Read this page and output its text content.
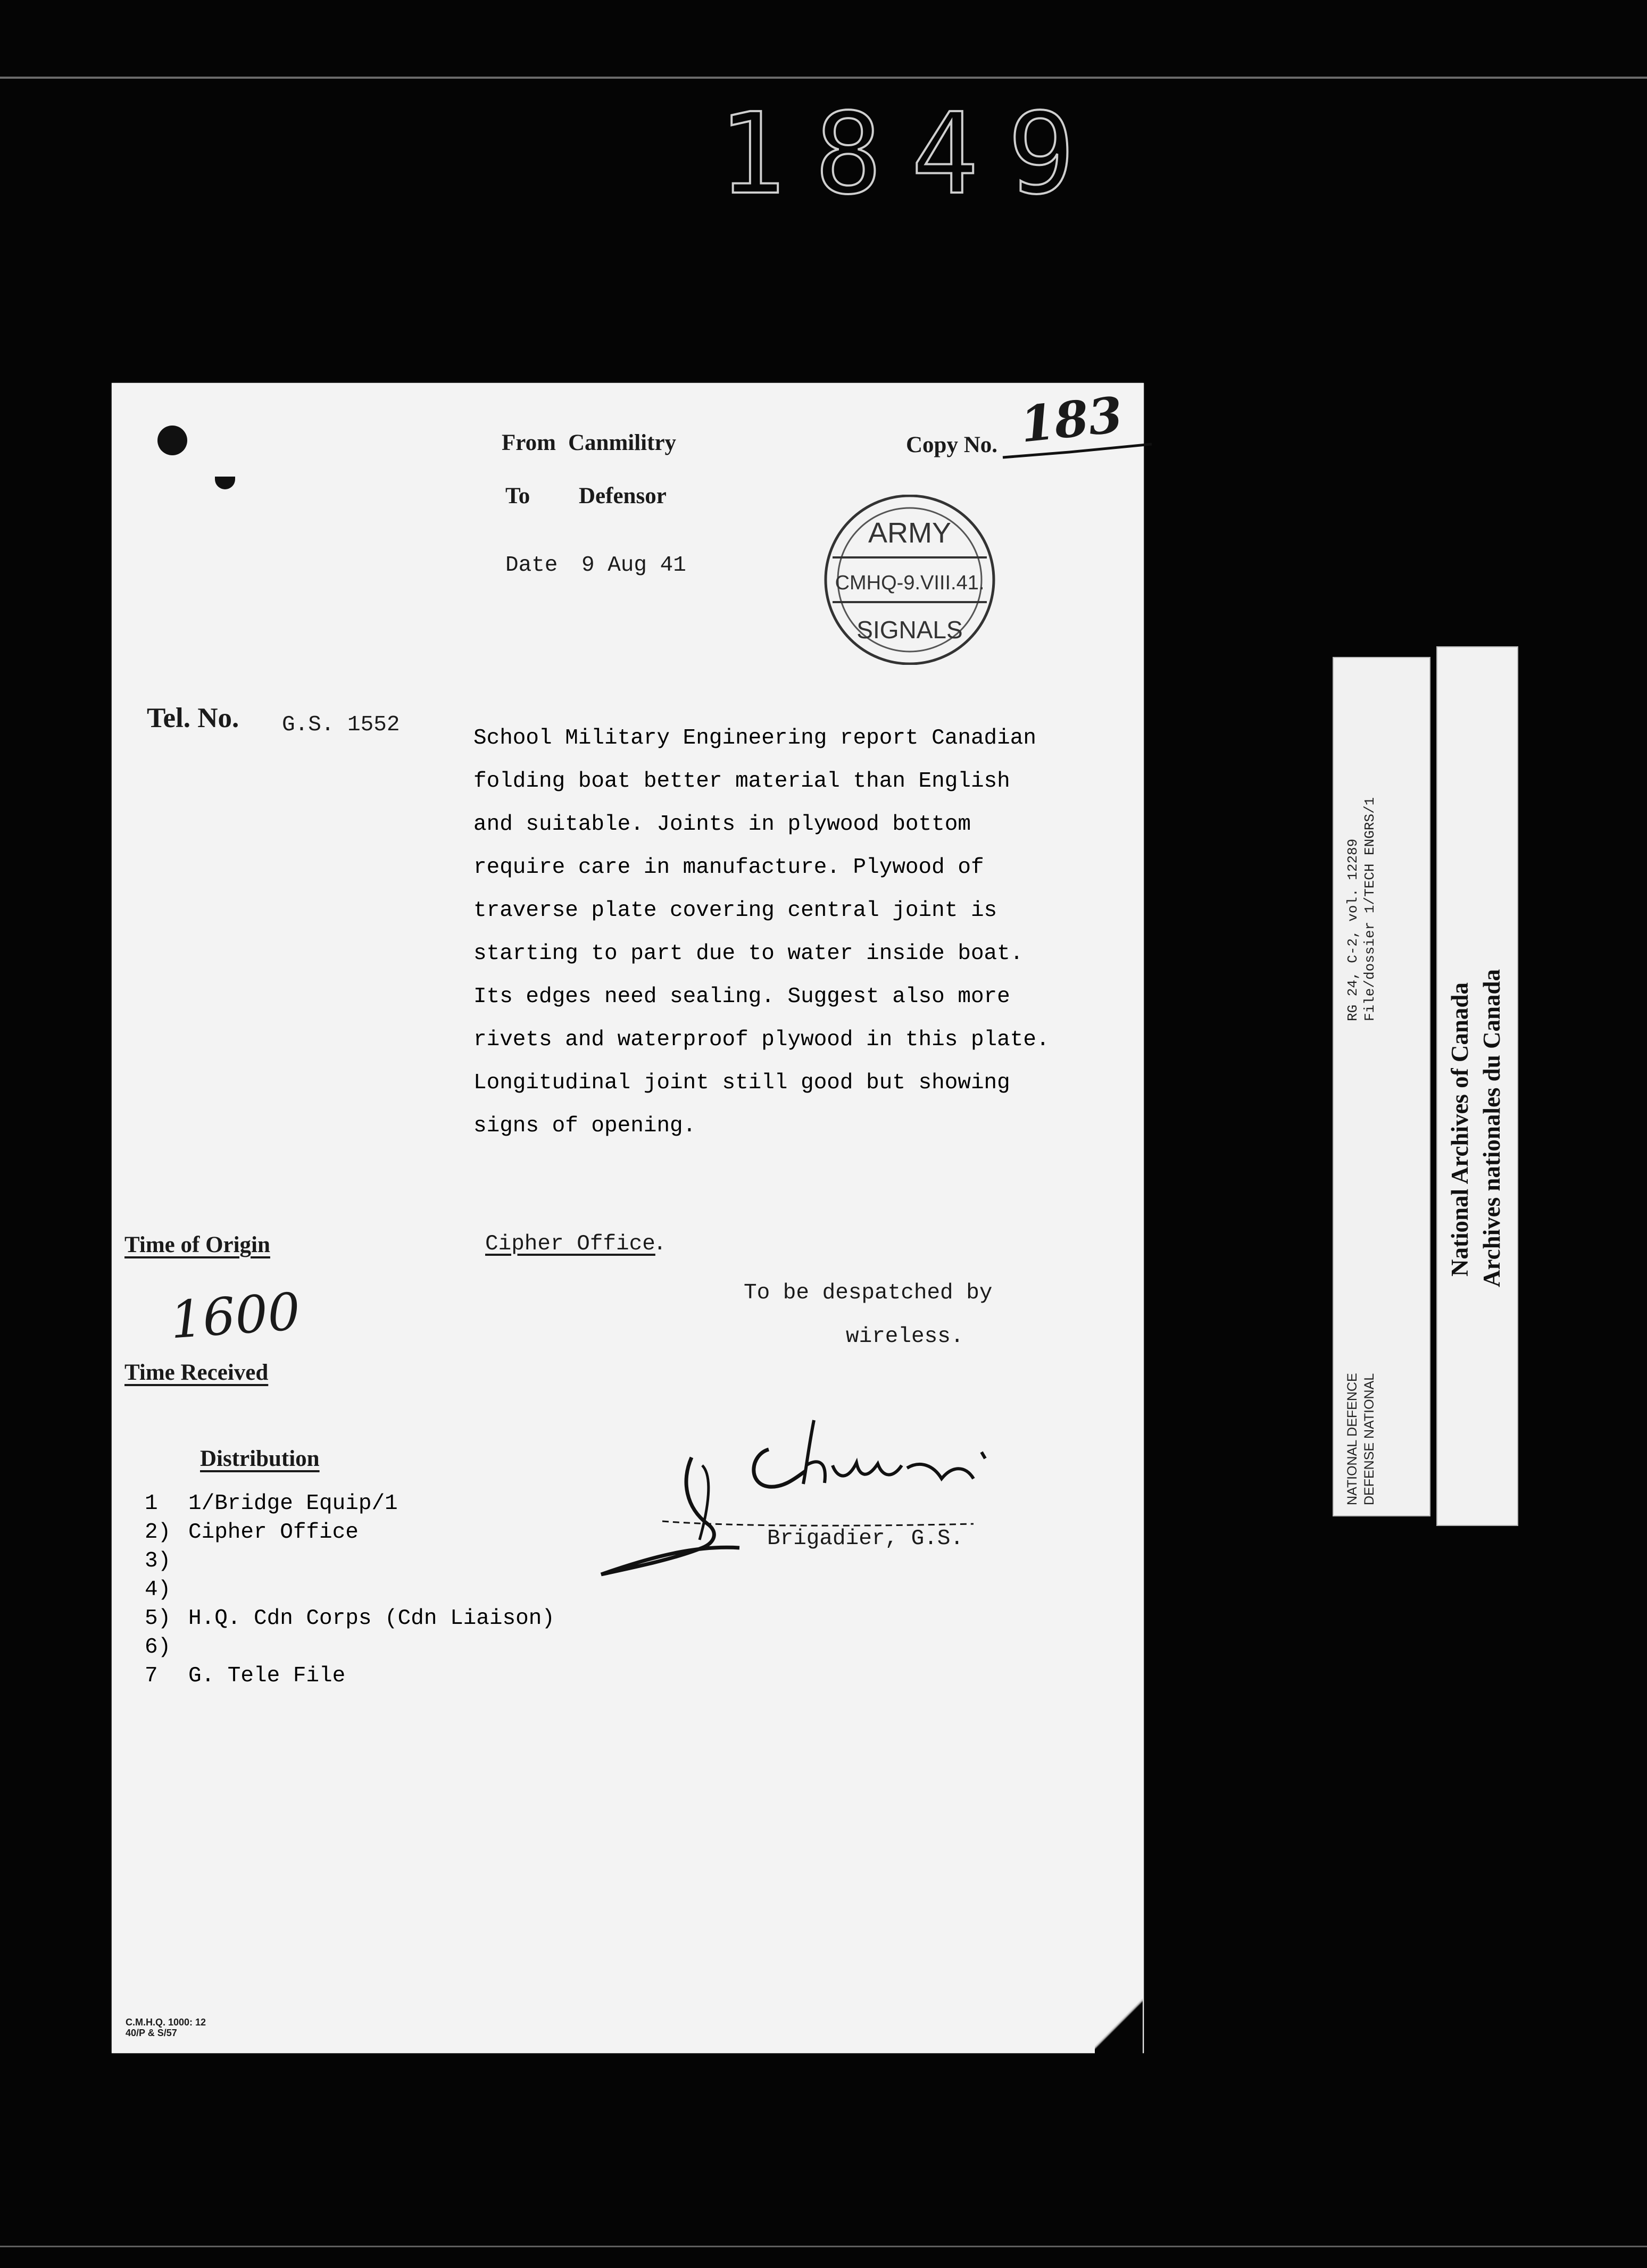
1849
From Canmilitry	Copy No. 183
To Defensor
Date 9 Aug 41
ARMY
CMHQ-9.VIII.41.
SIGNALS
Tel. No. G.S. 1552
School Military Engineering report Canadian
folding boat better material than English
and suitable. Joints in plywood bottom
require care in manufacture. Plywood of
traverse plate covering central joint is
starting to part due to water inside boat.
Its edges need sealing. Suggest also more
rivets and waterproof plywood in this plate.
Longitudinal joint still good but showing
signs of opening.
Time of Origin
1600
Time Received
Cipher Office
.
To be despatched by
wireless.
Brigadier, G.S.
Distribution
1	1/Bridge Equip/1
2) Cipher Office
3)
4)
5) H.Q. Cdn Corps (Cdn Liaison)
6)
7	G. Tele File
C.M.H.Q. 1000: 12
40/P & S/57
RG 24, C-2, vol. 12289 File/dossier 1/TECH ENGRS/1
NATIONAL DEFENCE DEFENSE NATIONAL
National Archives of Canada Archives nationales du Canada
